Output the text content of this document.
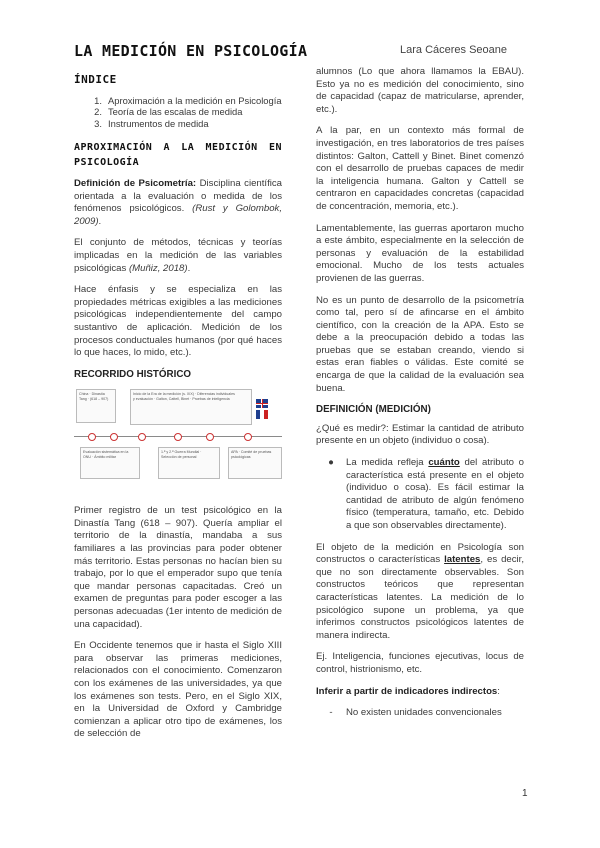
LA MEDICIÓN EN PSICOLOGÍA	Lara Cáceres Seoane
ÍNDICE
1. Aproximación a la medición en Psicología
2. Teoría de las escalas de medida
3. Instrumentos de medida
APROXIMACIÓN A LA MEDICIÓN EN PSICOLOGÍA

Definición de Psicometría: Disciplina científica orientada a la evaluación o medida de los fenómenos psicológicos. (Rust y Golombok, 2009).

El conjunto de métodos, técnicas y teorías implicadas en la medición de las variables psicológicas (Muñiz, 2018).

Hace énfasis y se especializa en las propiedades métricas exigibles a las mediciones psicológicas independientemente del campo sustantivo de aplicación. Medición de los procesos conductuales humanos (por qué haces lo que haces, lo mido, etc.).

RECORRIDO HISTÓRICO
China · Dinastía Tang · (618 – 907)
Inicio de la Era de la medición (s. XIX) · Diferencias individuales y evaluación · Galton, Cattell, Binet · Pruebas de inteligencia
Evaluación sistemática en la ONU · Ámbito militar
1.ª y 2.ª Guerra Mundial · Selección de personal
APA · Comité de pruebas psicológicas

Primer registro de un test psicológico en la Dinastía Tang (618 – 907). Quería ampliar el territorio de la dinastía, mandaba a sus familiares a las provincias para poder obtener más territorio. Estas personas no hacían bien su trabajo, por lo que el emperador supo que tenía que mandar personas capacitadas. Creó un examen de preguntas para poder escoger a las personas adecuadas (1er intento de medición de una capacidad).

En Occidente tenemos que ir hasta el Siglo XIII para observar las primeras mediciones, relacionados con el conocimiento. Comenzaron con los exámenes de las universidades, ya que los exámenes son tests. Pero, en el Siglo XIX, en la Universidad de Oxford y Cambridge comienzan a aplicar otro tipo de exámenes, los de selección de

alumnos (Lo que ahora llamamos la EBAU). Esto ya no es medición del conocimiento, sino de capacidad (capaz de matricularse, aprender, etc.).

A la par, en un contexto más formal de investigación, en tres laboratorios de tres países distintos: Galton, Cattell y Binet. Binet comenzó con el desarrollo de pruebas capaces de medir la inteligencia humana. Galton y Cattell se centraron en capacidades concretas (capacidad de concentración, memoria, etc.).

Lamentablemente, las guerras aportaron mucho a este ámbito, especialmente en la selección de personas y evaluación de la estabilidad emocional. Mucho de los tests actuales provienen de las guerras.

No es un punto de desarrollo de la psicometría como tal, pero sí de afincarse en el ámbito científico, con la creación de la APA. Esto se debe a la preocupación debido a todas las pruebas que se estaban creando, viendo si estas eran fiables o válidas. Este comité se encarga de que la calidad de la evaluación sea buena.

DEFINICIÓN (MEDICIÓN)

¿Qué es medir?: Estimar la cantidad de atributo presente en un objeto (individuo o cosa).

●	La medida refleja cuánto del atributo o característica está presente en el objeto (individuo o cosa). Es fácil estimar la cantidad de atributo de algún fenómeno físico (temperatura, tamaño, etc. Debido a que son observables directamente).

El objeto de la medición en Psicología son constructos o características latentes, es decir, que no son directamente observables. Son constructos teóricos que representan características latentes. La medición de lo psicológico supone un problema, ya que inferimos constructos psicológicos latentes de manera indirecta.

Ej. Inteligencia, funciones ejecutivas, locus de control, histrionismo, etc.

Inferir a partir de indicadores indirectos:

-	No existen unidades convencionales
1
